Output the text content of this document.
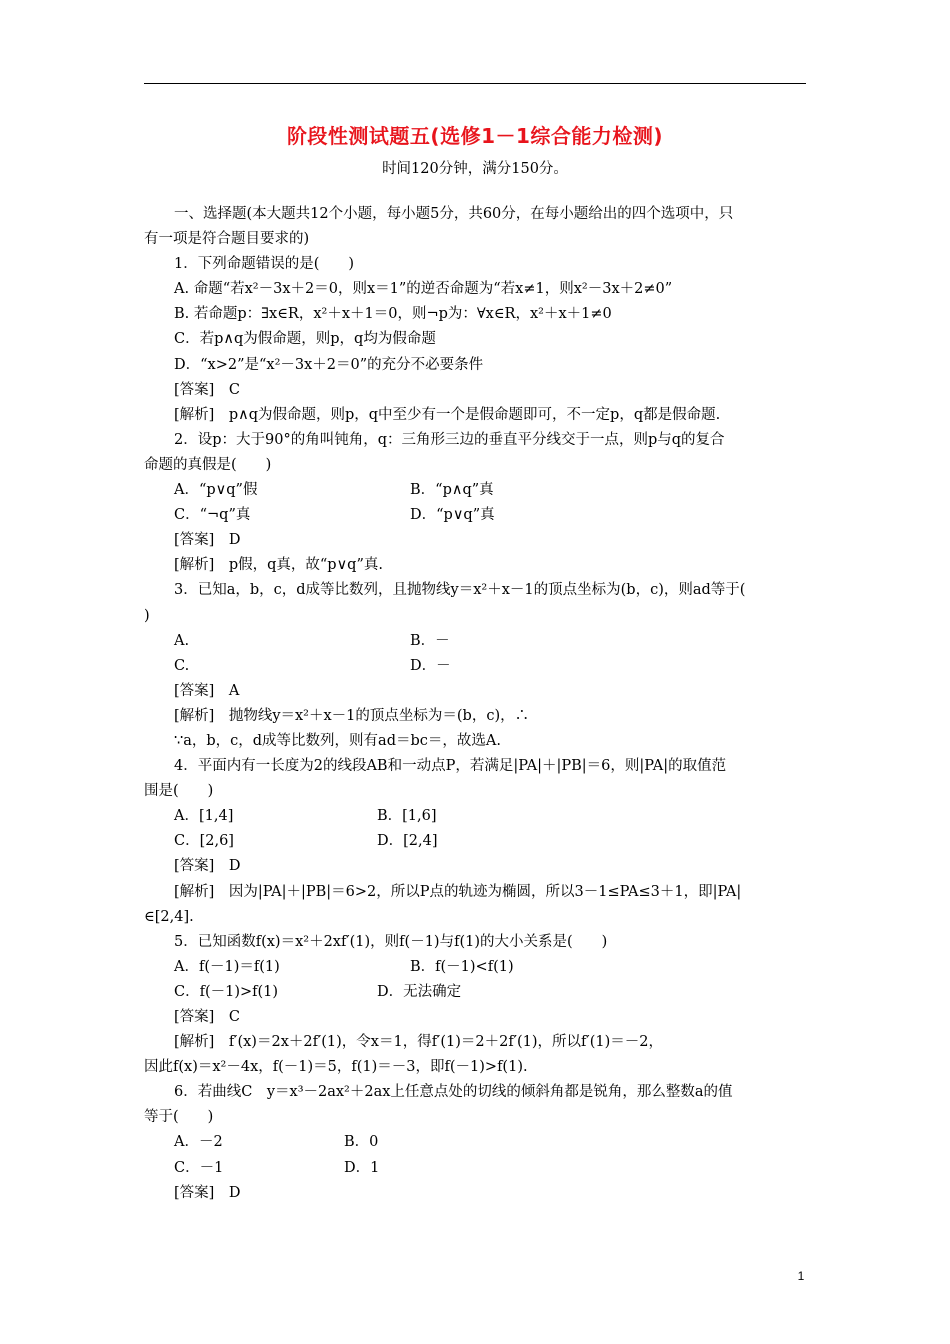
阶段性测试题五(选修1－1综合能力检测)
时间120分钟，满分150分。
一、选择题(本大题共12个小题，每小题5分，共60分，在每小题给出的四个选项中，只
有一项是符合题目要求的)
1．下列命题错误的是(　　)
A. 命题“若x²－3x＋2＝0，则x＝1”的逆否命题为“若x≠1，则x²－3x＋2≠0”
B. 若命题p：∃x∈R，x²＋x＋1＝0，则¬p为：∀x∈R，x²＋x＋1≠0
C．若p∧q为假命题，则p，q均为假命题
D．“x>2”是“x²－3x＋2＝0”的充分不必要条件
[答案]　C
[解析]　p∧q为假命题，则p，q中至少有一个是假命题即可，不一定p，q都是假命题.
2．设p：大于90°的角叫钝角，q：三角形三边的垂直平分线交于一点，则p与q的复合
命题的真假是(　　)
A．“p∨q”假	B．“p∧q”真
C．“¬q”真	D．“p∨q”真
[答案]　D
[解析]　p假，q真，故“p∨q”真.
3．已知a，b，c，d成等比数列，且抛物线y＝x²＋x－1的顶点坐标为(b，c)，则ad等于(
)
A.	B．－
C.	D．－
[答案]　A
[解析]　抛物线y＝x²＋x－1的顶点坐标为＝(b，c)，∴
∵a，b，c，d成等比数列，则有ad＝bc＝，故选A.
4．平面内有一长度为2的线段AB和一动点P，若满足|PA|＋|PB|＝6，则|PA|的取值范
围是(　　)
A．[1,4]	B．[1,6]
C．[2,6]	D．[2,4]
[答案]　D
[解析]　因为|PA|＋|PB|＝6>2，所以P点的轨迹为椭圆，所以3－1≤PA≤3＋1，即|PA|
∈[2,4].
5．已知函数f(x)＝x²＋2xf′(1)，则f(－1)与f(1)的大小关系是(　　)
A．f(－1)＝f(1)	B．f(－1)<f(1)
C．f(－1)>f(1)	D．无法确定
[答案]　C
[解析]　f′(x)＝2x＋2f′(1)，令x＝1，得f′(1)＝2＋2f′(1)，所以f′(1)＝－2，
因此f(x)＝x²－4x，f(－1)＝5，f(1)＝－3，即f(－1)>f(1).
6．若曲线C　y＝x³－2ax²＋2ax上任意点处的切线的倾斜角都是锐角，那么整数a的值
等于(　　)
A．－2	B．0
C．－1	D．1
[答案]　D
1
